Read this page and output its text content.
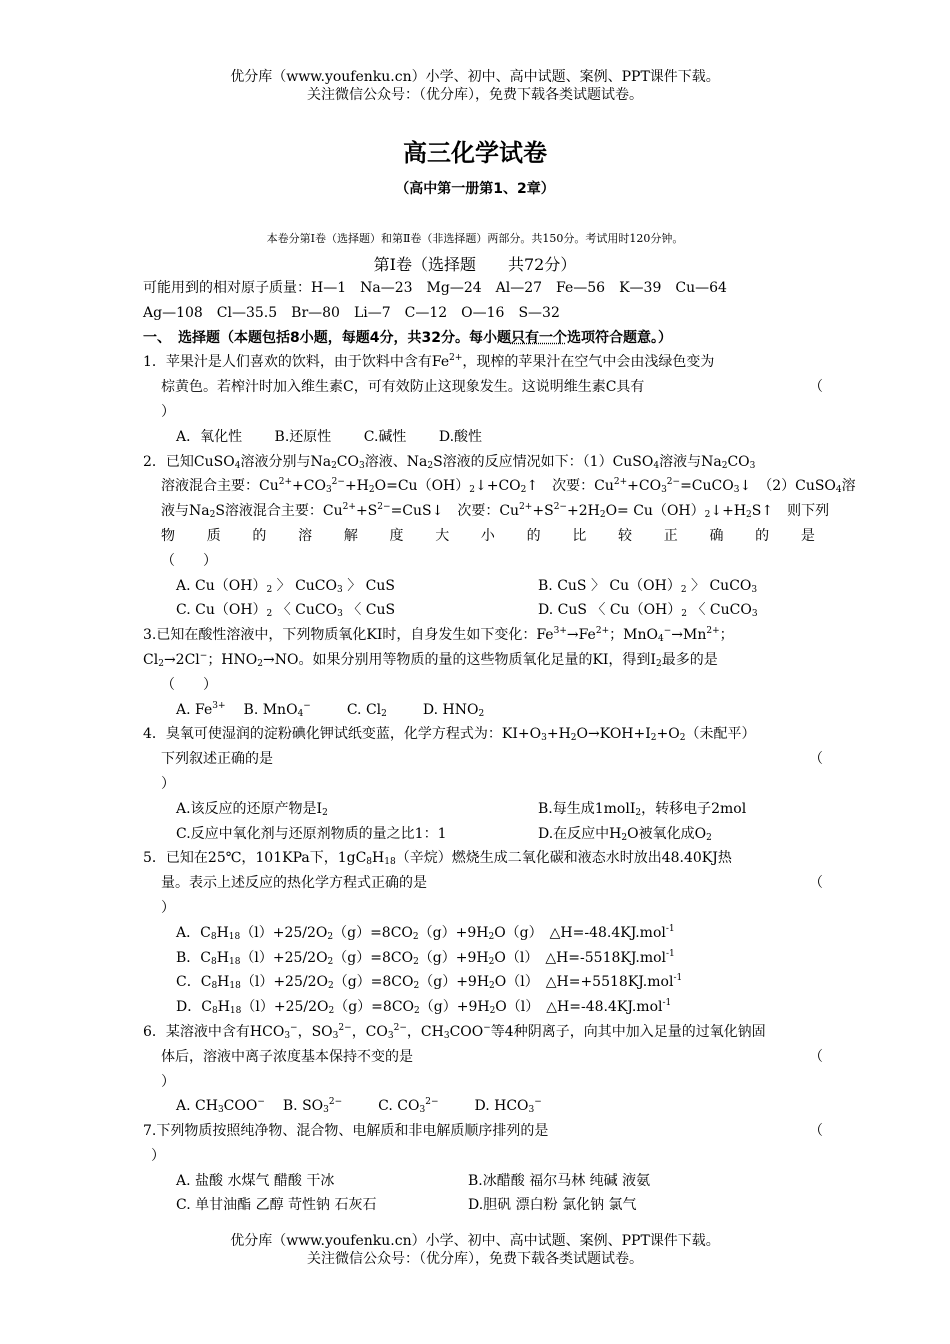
优分库（www.youfenku.cn）小学、初中、高中试题、案例、PPT课件下载。
关注微信公众号：（优分库），免费下载各类试题试卷。
高三化学试卷
（高中第一册第1、2章）
本卷分第Ⅰ卷（选择题）和第Ⅱ卷（非选择题）两部分。共150分。考试用时120分钟。
第Ⅰ卷（选择题　　共72分）
可能用到的相对原子质量：H—1　Na—23　Mg—24　Al—27　Fe—56　K—39　Cu—64
Ag—108　Cl—35.5　Br—80　Li—7　C—12　O—16　S—32
一、　选择题（本题包括8小题，每题4分，共32分。每小题只有一个选项符合题意。）
1．苹果汁是人们喜欢的饮料，由于饮料中含有$Fe^{2+}$，现榨的苹果汁在空气中会由浅绿色变为
棕黄色。若榨汁时加入维生素C，可有效防止这现象发生。这说明维生素C具有	（
）
A．氧化性　　 B.还原性　　 C.碱性　　 D.酸性
2．已知CuSO$_4$溶液分别与$Na_2CO_3$溶液、$Na_2S$溶液的反应情况如下：（1）CuSO$_4$溶液与$Na_2CO_3$
溶液混合主要：$Cu^{2+}+CO_3^{2-}+H_2O=Cu(OH)_2↓+CO_2↑$　次要：$Cu^{2+}+CO_3^{2-}=CuCO_3↓$　（2）CuSO$_4$溶
液与$Na_2S$溶液混合主要：$Cu^{2+}+S^{2-}=CuS↓$　次要：$Cu^{2+}+S^{2-}+2H_2O=$ $Cu(OH)_2↓+H_2S↑$　则下列
物 质 的 溶 解 度 大 小 的 比 较 正 确 的 是
（　　）
A. $Cu(OH)_2$ 〉 CuCO$_3$ 〉 CuS	B. CuS 〉 $Cu(OH)_2$ 〉 CuCO$_3$
C. $Cu(OH)_2$ 〈 CuCO$_3$ 〈 CuS	D. CuS 〈 $Cu(OH)_2$ 〈 CuCO$_3$
3.已知在酸性溶液中，下列物质氧化KI时，自身发生如下变化：$Fe^{3+}\to Fe^{2+}$；$MnO_4^-\to Mn^{2+}$；
$Cl_2\to 2Cl^-$；$HNO_2\to NO$。如果分别用等物质的量的这些物质氧化足量的KI，得到$I_2$最多的是
（　　）
A. $Fe^{3+}$ B. MnO$_4$−	C. $Cl_2$	D. $HNO_2$
4．臭氧可使湿润的淀粉碘化钾试纸变蓝，化学方程式为：$KI+O_3+H_2O\to KOH+I_2+O_2$（未配平）
下列叙述正确的是	（
）
A.该反应的还原产物是$I_2$	B.每生成1molI$_2$，转移电子2mol
C.反应中氧化剂与还原剂物质的量之比1：1	D.在反应中$H_2O$被氧化成$O_2$
5．已知在25℃，101KPa下，$1gC_8H_{18}$（辛烷）燃烧生成二氧化碳和液态水时放出48.40KJ热
量。表示上述反应的热化学方程式正确的是	（
）
A．$C_8H_{18}(l)+25/2O_2(g)=8CO_2(g)+9H_2O(g)$　 △H=-48.4KJ.mol$^{-1}$
B．$C_8H_{18}(l)+25/2O_2(g)=8CO_2(g)+9H_2O(l)$　 △H=-5518KJ.mol$^{-1}$
C．$C_8H_{18}(l)+25/2O_2(g)=8CO_2(g)+9H_2O(l)$　 △H=+5518KJ.mol$^{-1}$
D．$C_8H_{18}(l)+25/2O_2(g)=8CO_2(g)+9H_2O(l)$　 △H=-48.4KJ.mol$^{-1}$
6．某溶液中含有$HCO_3^-$，$SO_3^{2-}$，$CO_3^{2-}$，$CH_3COO^-$等4种阴离子，向其中加入足量的过氧化钠固
体后，溶液中离子浓度基本保持不变的是	（
）
A. $CH_3COO^-$ B. $SO_3^{2-}$	C. $CO_3^{2-}$	D. $HCO_3^-$
7.下列物质按照纯净物、混合物、电解质和非电解质顺序排列的是	（
）
A. 盐酸 水煤气 醋酸 干冰	B.冰醋酸 福尔马林 纯碱 液氨
C. 单甘油酯 乙醇 苛性钠 石灰石	D.胆矾 漂白粉 氯化钠 氯气
优分库（www.youfenku.cn）小学、初中、高中试题、案例、PPT课件下载。
关注微信公众号：（优分库），免费下载各类试题试卷。
